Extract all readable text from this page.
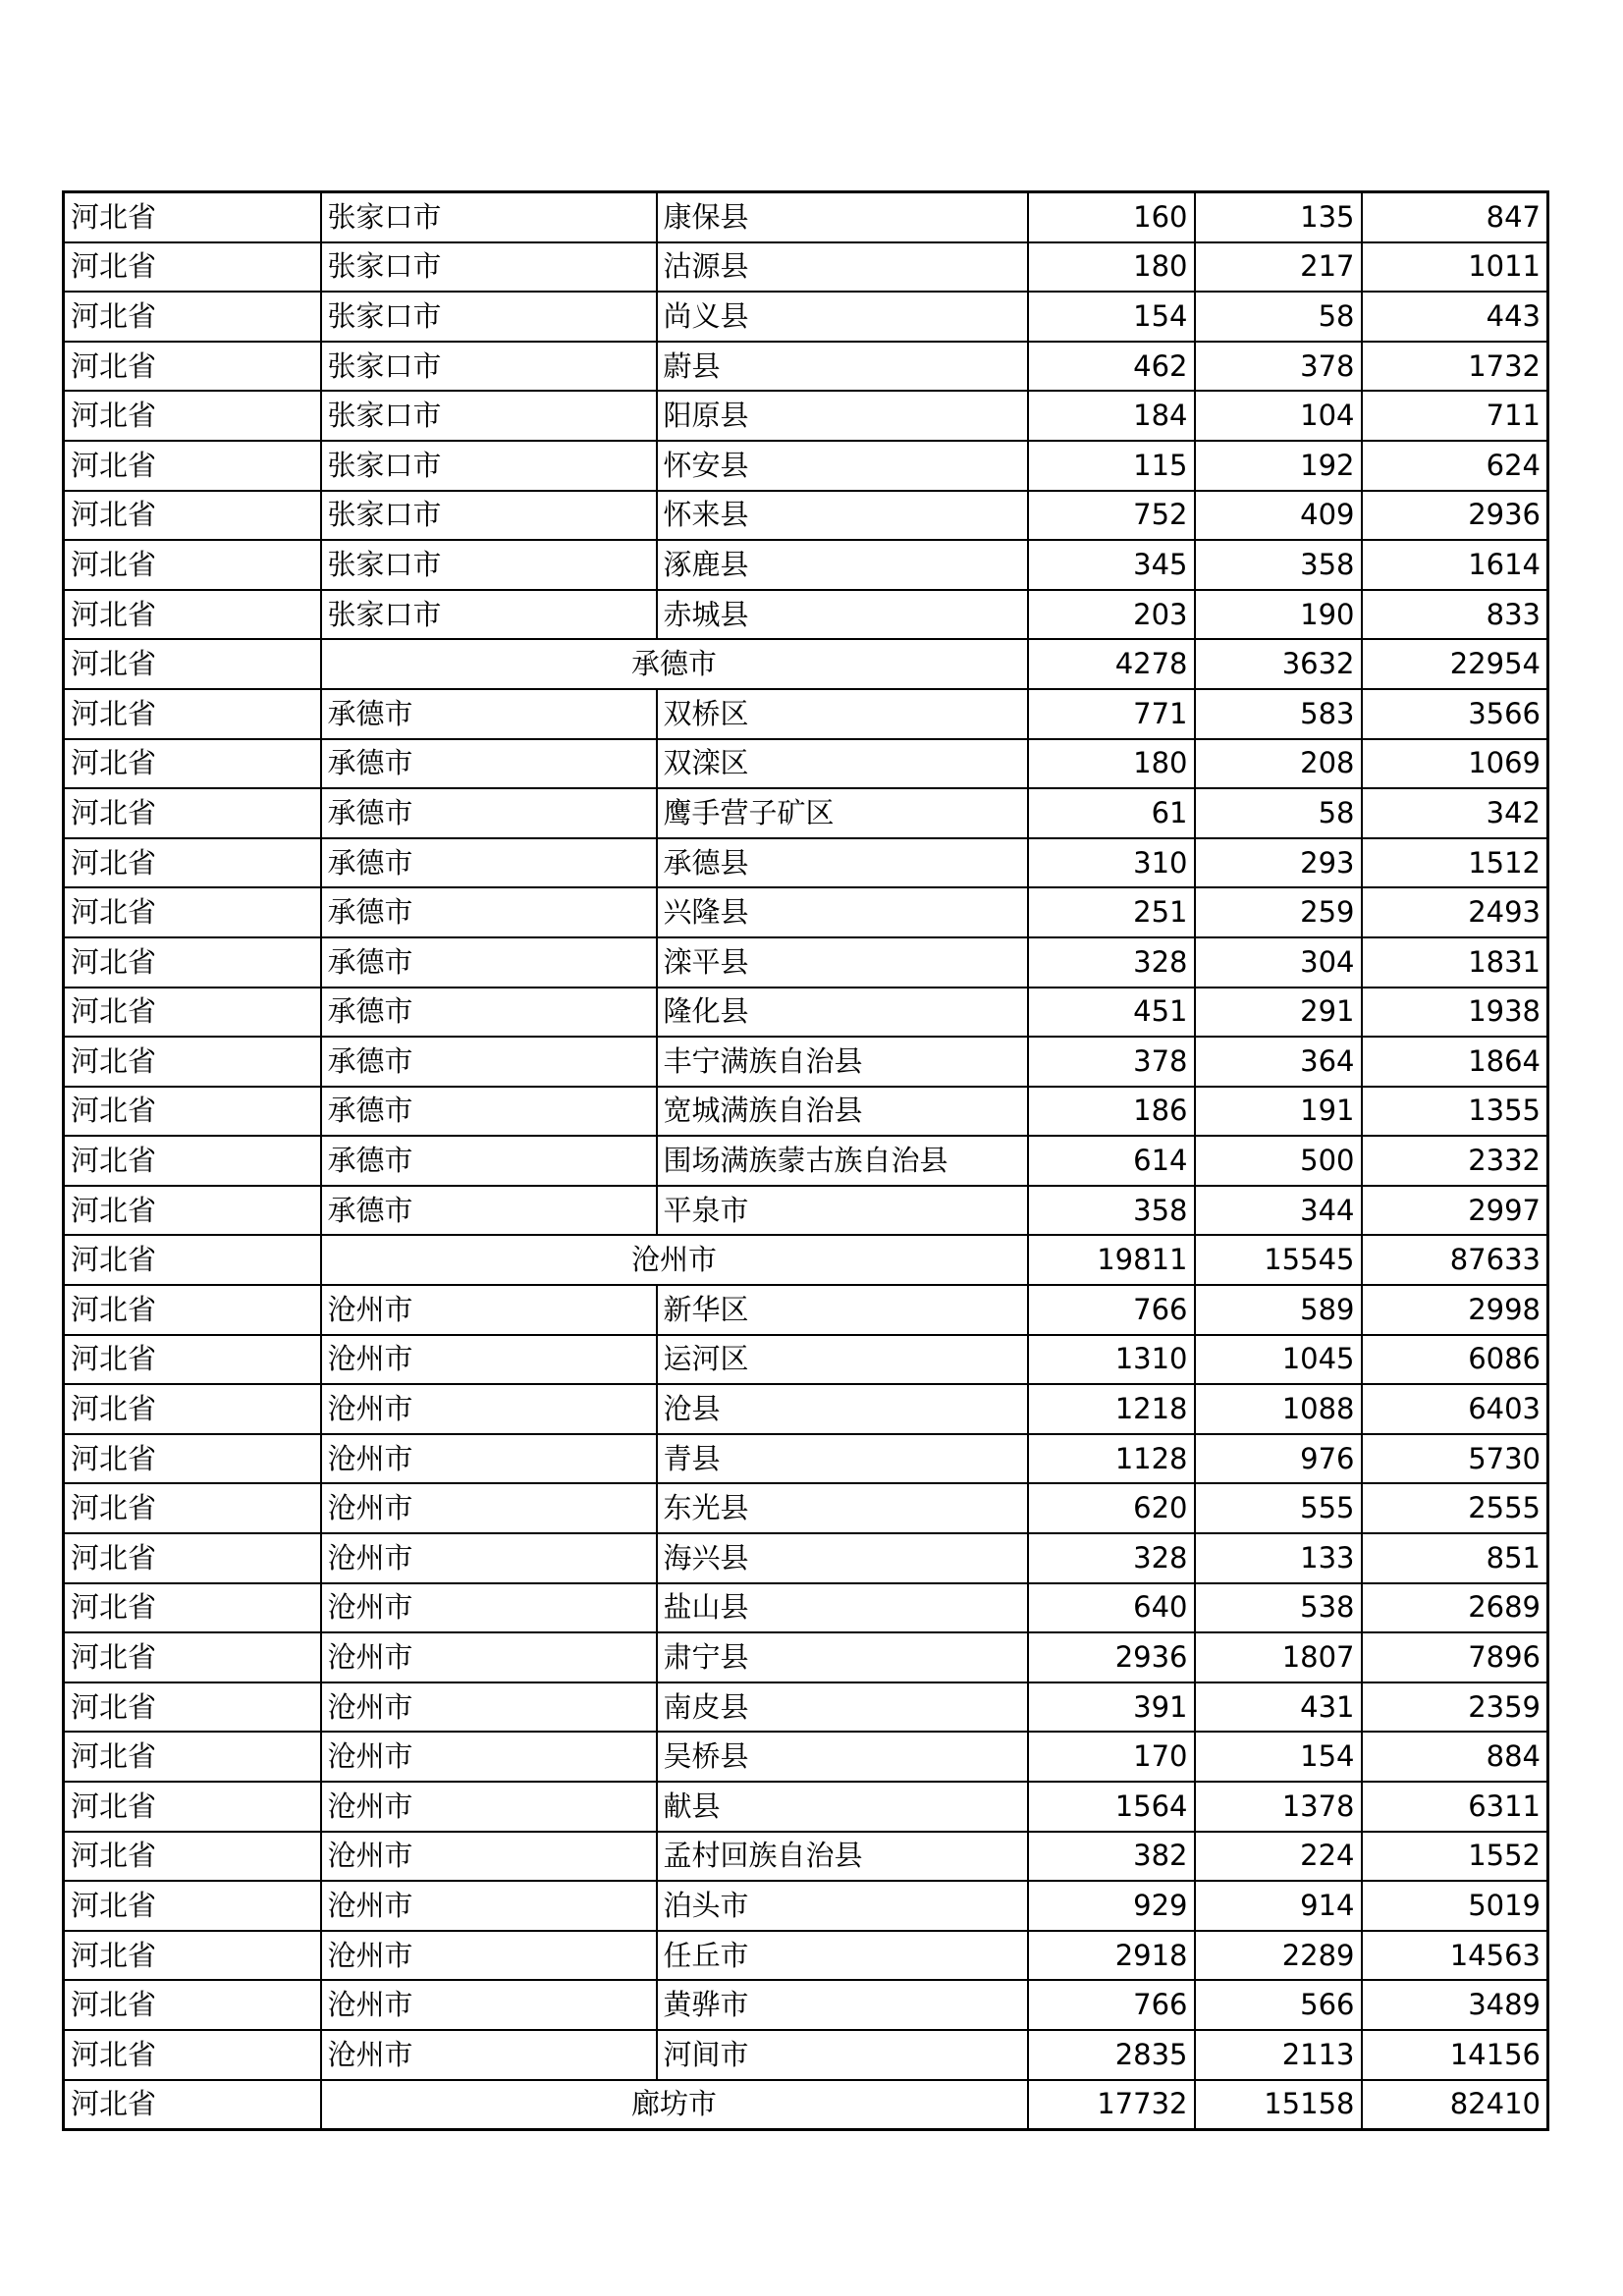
河北省	张家口市	康保县	160	135	847
河北省	张家口市	沽源县	180	217	1011
河北省	张家口市	尚义县	154	58	443
河北省	张家口市	蔚县	462	378	1732
河北省	张家口市	阳原县	184	104	711
河北省	张家口市	怀安县	115	192	624
河北省	张家口市	怀来县	752	409	2936
河北省	张家口市	涿鹿县	345	358	1614
河北省	张家口市	赤城县	203	190	833
河北省	承德市		4278	3632	22954
河北省	承德市	双桥区	771	583	3566
河北省	承德市	双滦区	180	208	1069
河北省	承德市	鹰手营子矿区	61	58	342
河北省	承德市	承德县	310	293	1512
河北省	承德市	兴隆县	251	259	2493
河北省	承德市	滦平县	328	304	1831
河北省	承德市	隆化县	451	291	1938
河北省	承德市	丰宁满族自治县	378	364	1864
河北省	承德市	宽城满族自治县	186	191	1355
河北省	承德市	围场满族蒙古族自治县	614	500	2332
河北省	承德市	平泉市	358	344	2997
河北省	沧州市		19811	15545	87633
河北省	沧州市	新华区	766	589	2998
河北省	沧州市	运河区	1310	1045	6086
河北省	沧州市	沧县	1218	1088	6403
河北省	沧州市	青县	1128	976	5730
河北省	沧州市	东光县	620	555	2555
河北省	沧州市	海兴县	328	133	851
河北省	沧州市	盐山县	640	538	2689
河北省	沧州市	肃宁县	2936	1807	7896
河北省	沧州市	南皮县	391	431	2359
河北省	沧州市	吴桥县	170	154	884
河北省	沧州市	献县	1564	1378	6311
河北省	沧州市	孟村回族自治县	382	224	1552
河北省	沧州市	泊头市	929	914	5019
河北省	沧州市	任丘市	2918	2289	14563
河北省	沧州市	黄骅市	766	566	3489
河北省	沧州市	河间市	2835	2113	14156
河北省	廊坊市		17732	15158	82410
